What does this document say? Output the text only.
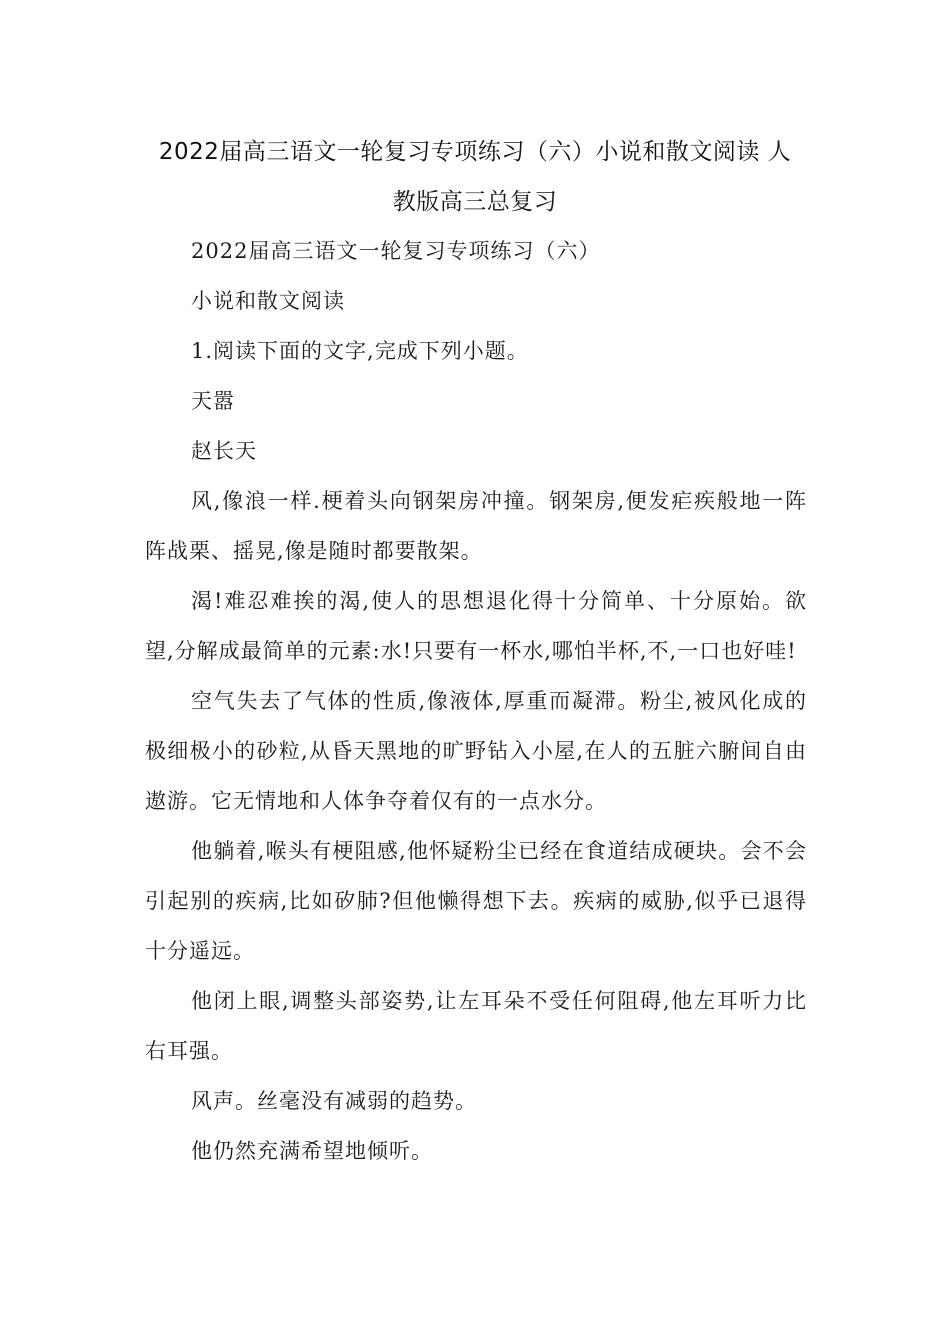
2022届高三语文一轮复习专项练习（六）小说和散文阅读 人
教版高三总复习

2022届高三语文一轮复习专项练习（六）

小说和散文阅读

1.阅读下面的文字,完成下列小题。

天嚣

赵长天

风,像浪一样.梗着头向钢架房冲撞。钢架房,便发疟疾般地一阵阵战栗、摇晃,像是随时都要散架。

渴!难忍难挨的渴,使人的思想退化得十分简单、十分原始。欲望,分解成最简单的元素:水!只要有一杯水,哪怕半杯,不,一口也好哇!

空气失去了气体的性质,像液体,厚重而凝滞。粉尘,被风化成的极细极小的砂粒,从昏天黑地的旷野钻入小屋,在人的五脏六腑间自由遨游。它无情地和人体争夺着仅有的一点水分。

他躺着,喉头有梗阻感,他怀疑粉尘已经在食道结成硬块。会不会引起别的疾病,比如矽肺?但他懒得想下去。疾病的威胁,似乎已退得十分遥远。

他闭上眼,调整头部姿势,让左耳朵不受任何阻碍,他左耳听力比右耳强。

风声。丝毫没有减弱的趋势。

他仍然充满希望地倾听。
